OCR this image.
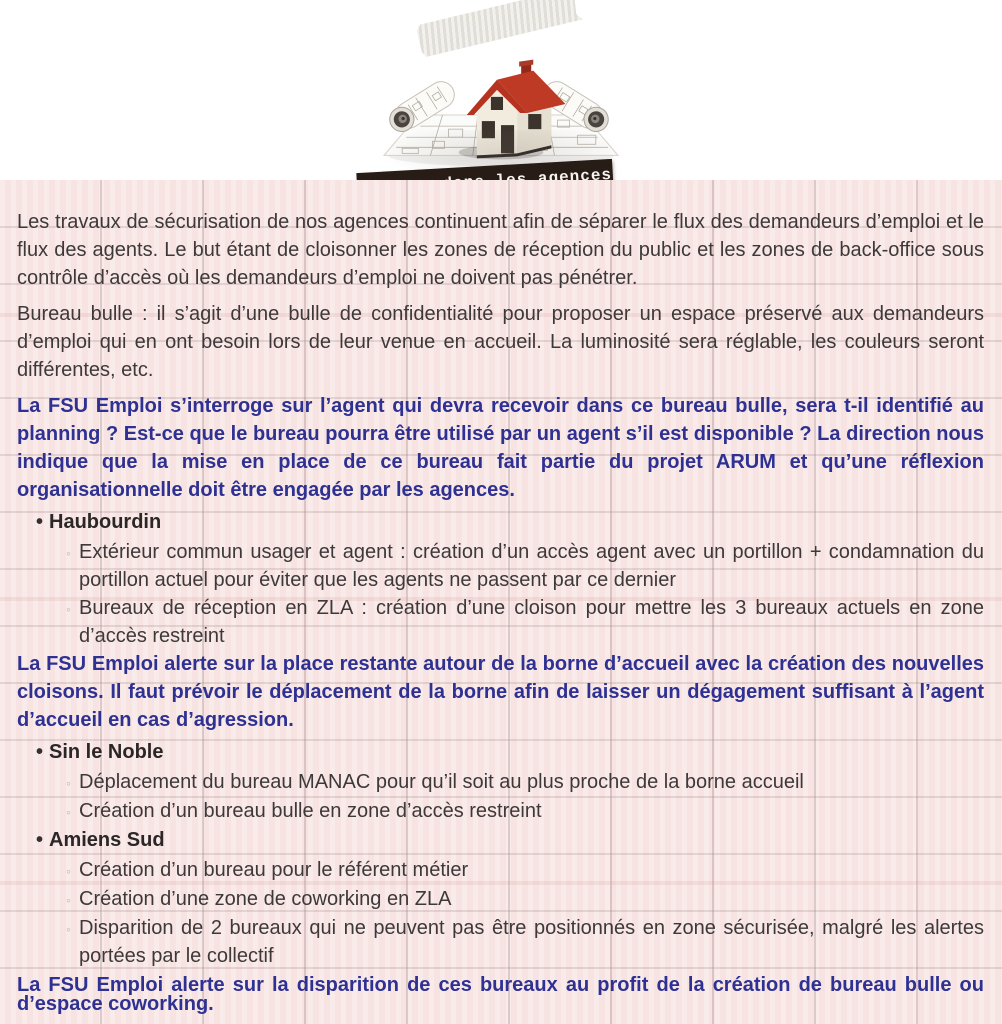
Les travaux de sécurisation de nos agences continuent afin de séparer le flux des demandeurs d’emploi et le flux des agents. Le but étant de cloisonner les zones de réception du public et les zones de back-office sous contrôle d’accès où les demandeurs d’emploi ne doivent pas pénétrer.

Bureau bulle : il s’agit d’une bulle de confidentialité pour proposer un espace préservé aux demandeurs d’emploi qui en ont besoin lors de leur venue en accueil. La luminosité sera réglable, les couleurs seront différentes, etc.

La FSU Emploi s’interroge sur l’agent qui devra recevoir dans ce bureau bulle, sera t-il identifié au planning ? Est-ce que le bureau pourra être utilisé par un agent s’il est disponible ? La direction nous indique que la mise en place de ce bureau fait partie du projet ARUM et qu’une réflexion organisationnelle doit être engagée par les agences.

• Haubourdin
◦ Extérieur commun usager et agent : création d’un accès agent avec un portillon + condamnation du portillon actuel pour éviter que les agents ne passent par ce dernier
◦ Bureaux de réception en ZLA : création d’une cloison pour mettre les 3 bureaux actuels en zone d’accès restreint

La FSU Emploi alerte sur la place restante autour de la borne d’accueil avec la création des nouvelles cloisons. Il faut prévoir le déplacement de la borne afin de laisser un dégagement suffisant à l’agent d’accueil en cas d’agression.

• Sin le Noble
◦ Déplacement du bureau MANAC pour qu’il soit au plus proche de la borne accueil
◦ Création d’un bureau bulle en zone d’accès restreint
• Amiens Sud
◦ Création d’un bureau pour le référent métier
◦ Création d’une zone de coworking en ZLA
◦ Disparition de 2 bureaux qui ne peuvent pas être positionnés en zone sécurisée, malgré les alertes portées par le collectif

La FSU Emploi alerte sur la disparition de ces bureaux au profit de la création de bureau bulle ou d’espace coworking.
